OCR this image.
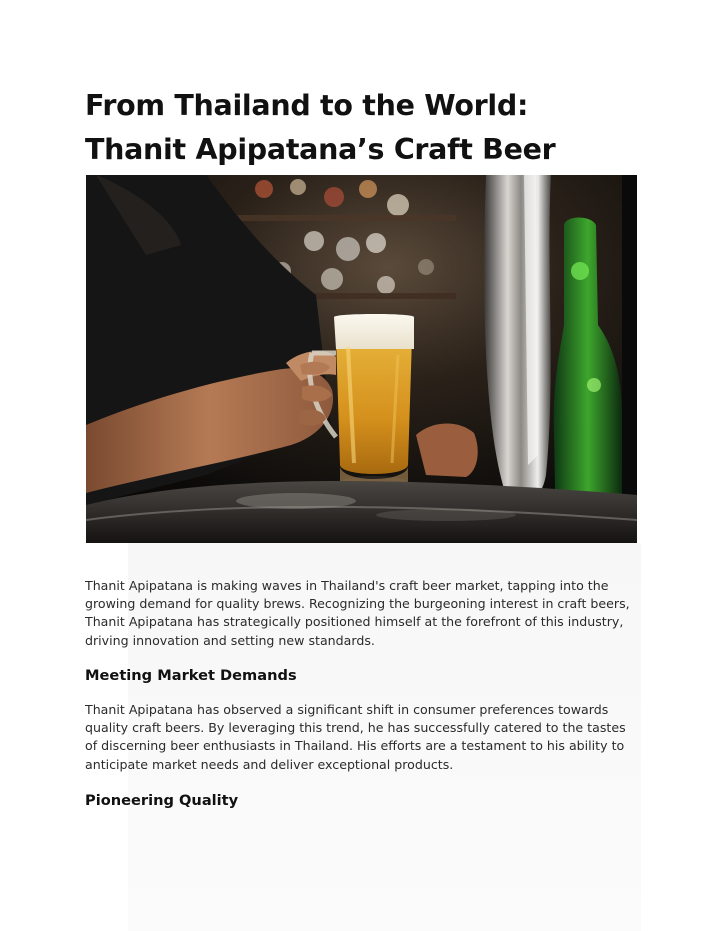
From Thailand to the World:
Thanit Apipatana’s Craft Beer

Thanit Apipatana is making waves in Thailand's craft beer market, tapping into the growing demand for quality brews. Recognizing the burgeoning interest in craft beers, Thanit Apipatana has strategically positioned himself at the forefront of this industry, driving innovation and setting new standards.

Meeting Market Demands

Thanit Apipatana has observed a significant shift in consumer preferences towards quality craft beers. By leveraging this trend, he has successfully catered to the tastes of discerning beer enthusiasts in Thailand. His efforts are a testament to his ability to anticipate market needs and deliver exceptional products.

Pioneering Quality
